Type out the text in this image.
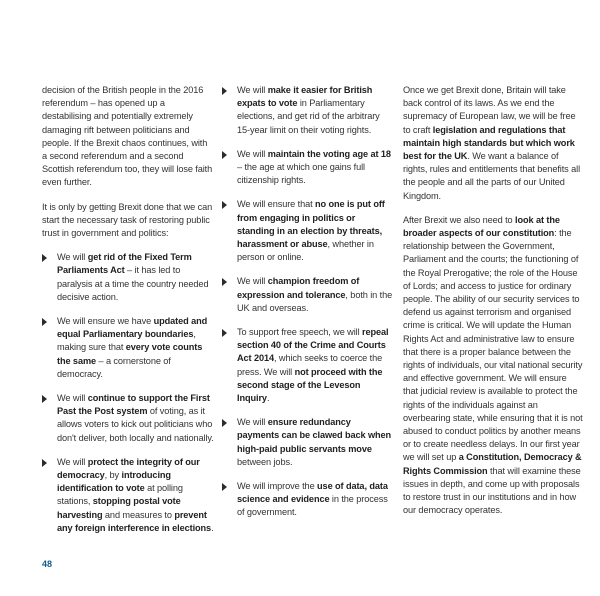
decision of the British people in the 2016 referendum – has opened up a destabilising and potentially extremely damaging rift between politicians and people. If the Brexit chaos continues, with a second referendum and a second Scottish referendum too, they will lose faith even further.

It is only by getting Brexit done that we can start the necessary task of restoring public trust in government and politics:

We will get rid of the Fixed Term Parliaments Act – it has led to paralysis at a time the country needed decisive action.
We will ensure we have updated and equal Parliamentary boundaries, making sure that every vote counts the same – a cornerstone of democracy.
We will continue to support the First Past the Post system of voting, as it allows voters to kick out politicians who don't deliver, both locally and nationally.
We will protect the integrity of our democracy, by introducing identification to vote at polling stations, stopping postal vote harvesting and measures to prevent any foreign interference in elections.
We will make it easier for British expats to vote in Parliamentary elections, and get rid of the arbitrary 15-year limit on their voting rights.
We will maintain the voting age at 18 – the age at which one gains full citizenship rights.
We will ensure that no one is put off from engaging in politics or standing in an election by threats, harassment or abuse, whether in person or online.
We will champion freedom of expression and tolerance, both in the UK and overseas.
To support free speech, we will repeal section 40 of the Crime and Courts Act 2014, which seeks to coerce the press. We will not proceed with the second stage of the Leveson Inquiry.
We will ensure redundancy payments can be clawed back when high-paid public servants move between jobs.
We will improve the use of data, data science and evidence in the process of government.

Once we get Brexit done, Britain will take back control of its laws. As we end the supremacy of European law, we will be free to craft legislation and regulations that maintain high standards but which work best for the UK. We want a balance of rights, rules and entitlements that benefits all the people and all the parts of our United Kingdom.

After Brexit we also need to look at the broader aspects of our constitution: the relationship between the Government, Parliament and the courts; the functioning of the Royal Prerogative; the role of the House of Lords; and access to justice for ordinary people. The ability of our security services to defend us against terrorism and organised crime is critical. We will update the Human Rights Act and administrative law to ensure that there is a proper balance between the rights of individuals, our vital national security and effective government. We will ensure that judicial review is available to protect the rights of the individuals against an overbearing state, while ensuring that it is not abused to conduct politics by another means or to create needless delays. In our first year we will set up a Constitution, Democracy & Rights Commission that will examine these issues in depth, and come up with proposals to restore trust in our institutions and in how our democracy operates.

48
